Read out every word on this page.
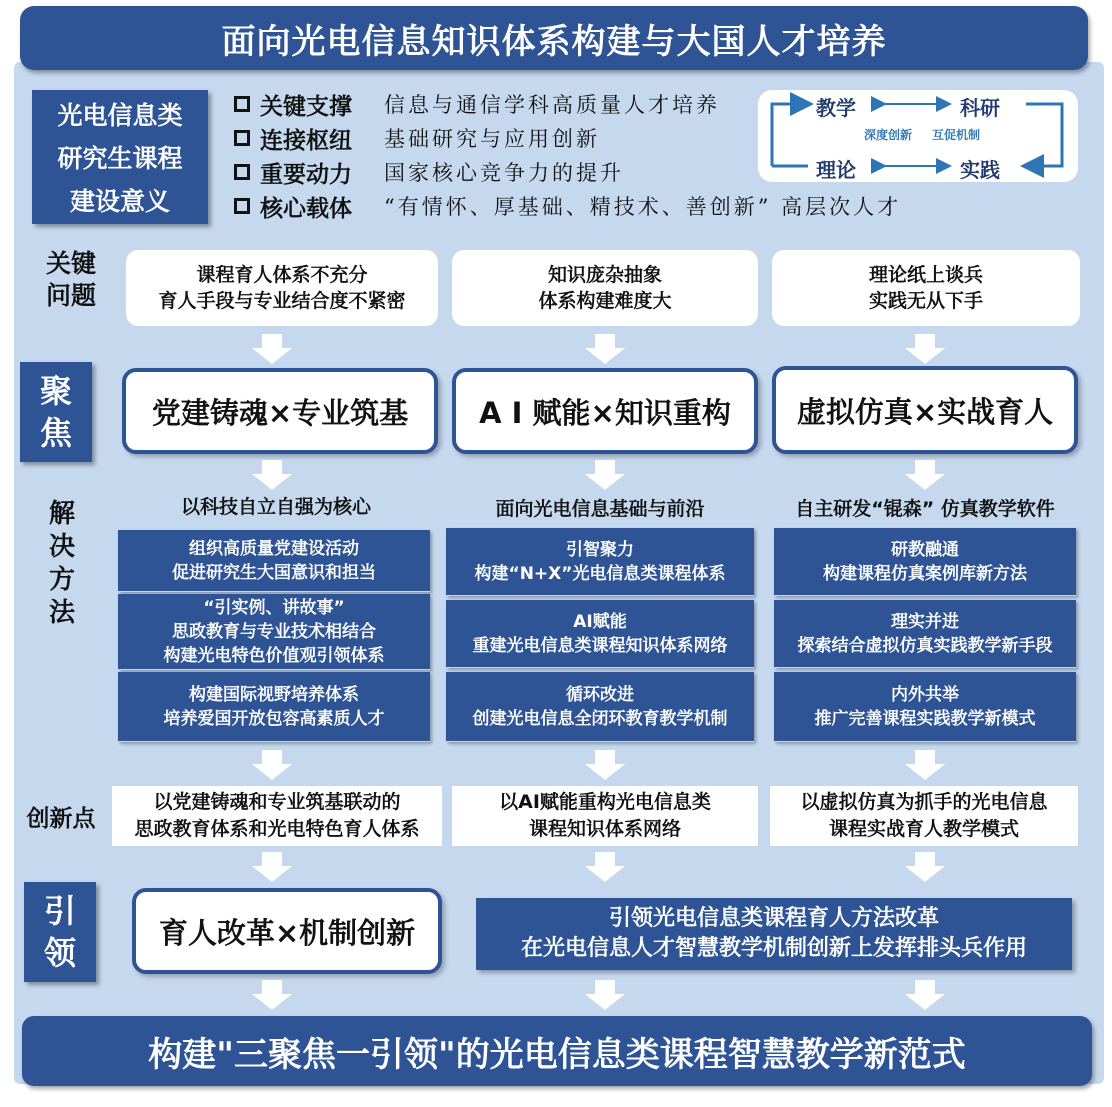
面向光电信息知识体系构建与大国人才培养
光电信息类
研究生课程
建设意义
关键支撑	信息与通信学科高质量人才培养
连接枢纽	基础研究与应用创新
重要动力	国家核心竞争力的提升
核心载体	“有情怀、厚基础、精技术、善创新” 高层次人才
教学	科研
理论	实践
深度创新 互促机制
关键
问题
课程育人体系不充分
育人手段与专业结合度不紧密
知识庞杂抽象
体系构建难度大
理论纸上谈兵
实践无从下手
聚
焦
党建铸魂×专业筑基	A I 赋能×知识重构	虚拟仿真×实战育人
解
决
方
法
以科技自立自强为核心	面向光电信息基础与前沿	自主研发“锟森” 仿真教学软件
组织高质量党建设活动
促进研究生大国意识和担当
“引实例、讲故事”
思政教育与专业技术相结合
构建光电特色价值观引领体系
构建国际视野培养体系
培养爱国开放包容高素质人才
引智聚力
构建“N+X”光电信息类课程体系
AI赋能
重建光电信息类课程知识体系网络
循环改进
创建光电信息全闭环教育教学机制
研教融通
构建课程仿真案例库新方法
理实并进
探索结合虚拟仿真实践教学新手段
内外共举
推广完善课程实践教学新模式
创新点
以党建铸魂和专业筑基联动的
思政教育体系和光电特色育人体系
以AI赋能重构光电信息类
课程知识体系网络
以虚拟仿真为抓手的光电信息
课程实战育人教学模式
引
领
育人改革×机制创新	引领光电信息类课程育人方法改革
在光电信息人才智慧教学机制创新上发挥排头兵作用
构建"三聚焦一引领"的光电信息类课程智慧教学新范式
